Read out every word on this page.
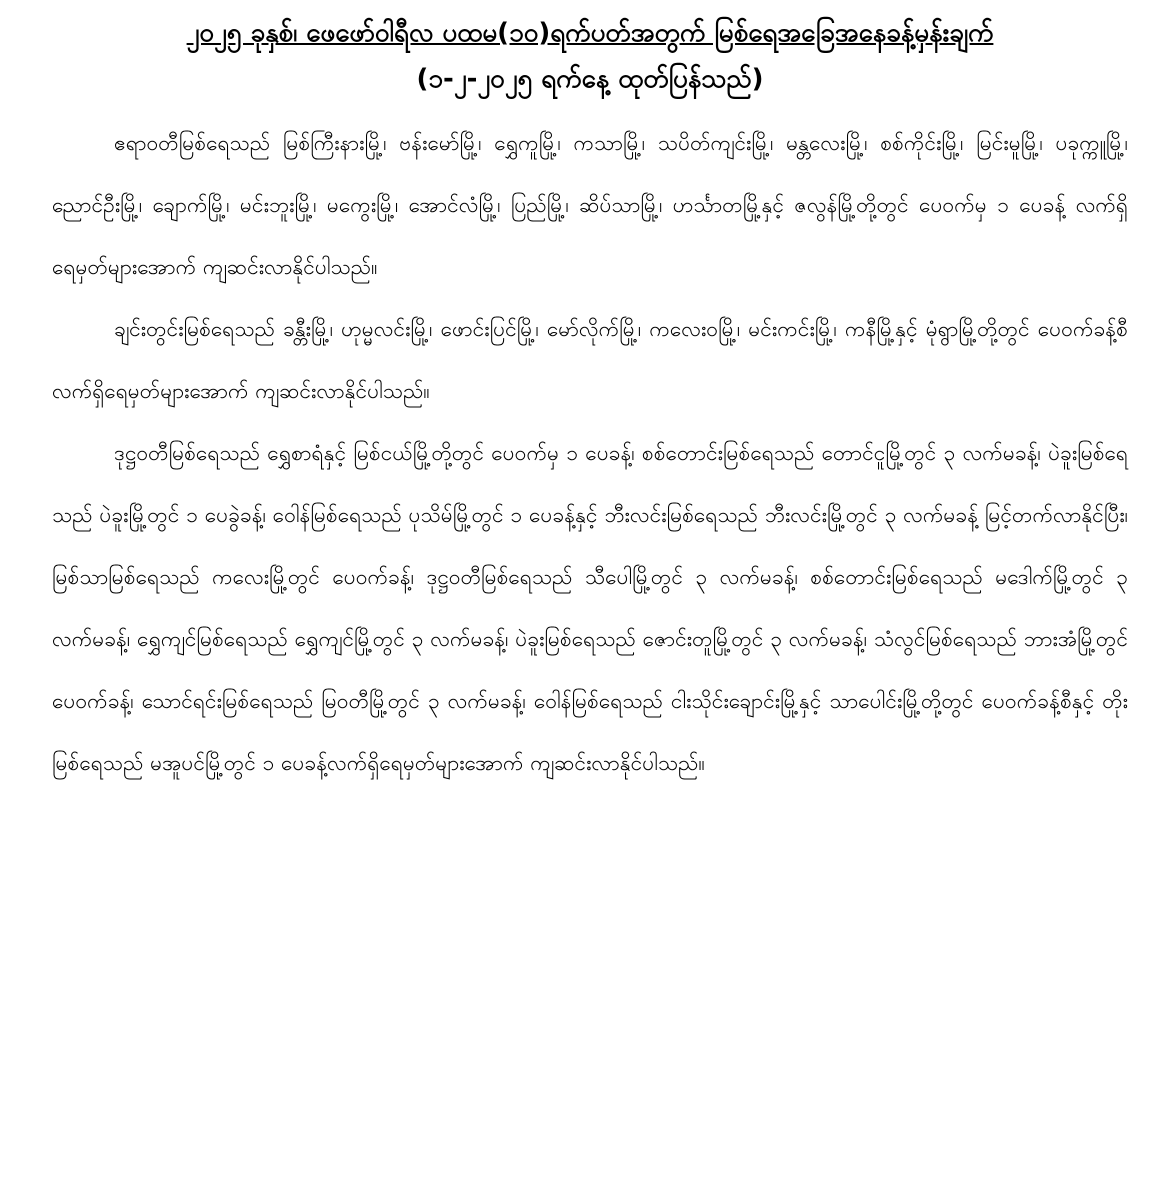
၂၀၂၅ ခုနှစ်၊ ဖေဖော်ဝါရီလ ပထမ(၁၀)ရက်ပတ်အတွက် မြစ်ရေအခြေအနေခန့်မှန်းချက်
(၁-၂-၂၀၂၅ ရက်နေ့ ထုတ်ပြန်သည်)

ဧရာဝတီမြစ်ရေသည် မြစ်ကြီးနားမြို့၊ ဗန်းမော်မြို့၊ ရွှေကူမြို့၊ ကသာမြို့၊ သပိတ်ကျင်းမြို့၊ မန္တလေးမြို့၊ စစ်ကိုင်းမြို့၊ မြင်းမူမြို့၊ ပခုက္ကူမြို့၊ ညောင်ဦးမြို့၊ ချောက်မြို့၊ မင်းဘူးမြို့၊ မကွေးမြို့၊ အောင်လံမြို့၊ ပြည်မြို့၊ ဆိပ်သာမြို့၊ ဟင်္သာတမြို့နှင့် ဇလွန်မြို့တို့တွင် ပေဝက်မှ ၁ ပေခန့် လက်ရှိရေမှတ်များအောက် ကျဆင်းလာနိုင်ပါသည်။

ချင်းတွင်းမြစ်ရေသည် ခန္တီးမြို့၊ ဟုမ္မလင်းမြို့၊ ဖောင်းပြင်မြို့၊ မော်လိုက်မြို့၊ ကလေးဝမြို့၊ မင်းကင်းမြို့၊ ကနီမြို့နှင့် မုံရွာမြို့တို့တွင် ပေဝက်ခန့်စီ လက်ရှိရေမှတ်များအောက် ကျဆင်းလာနိုင်ပါသည်။

ဒုဋ္ဌဝတီမြစ်ရေသည် ရွှေစာရံနှင့် မြစ်ငယ်မြို့တို့တွင် ပေဝက်မှ ၁ ပေခန့်၊ စစ်တောင်းမြစ်ရေသည် တောင်ငူမြို့တွင် ၃ လက်မခန့်၊ ပဲခူးမြစ်ရေသည် ပဲခူးမြို့တွင် ၁ ပေခွဲခန့်၊ ဝေါန်မြစ်ရေသည် ပုသိမ်မြို့တွင် ၁ ပေခန့်နှင့် ဘီးလင်းမြစ်ရေသည် ဘီးလင်းမြို့တွင် ၃ လက်မခန့် မြင့်တက်လာနိုင်ပြီး၊ မြစ်သာမြစ်ရေသည် ကလေးမြို့တွင် ပေဝက်ခန့်၊ ဒုဋ္ဌဝတီမြစ်ရေသည် သီပေါမြို့တွင် ၃ လက်မခန့်၊ စစ်တောင်းမြစ်ရေသည် မဒေါက်မြို့တွင် ၃ လက်မခန့်၊ ရွှေကျင်မြစ်ရေသည် ရွှေကျင်မြို့တွင် ၃ လက်မခန့်၊ ပဲခူးမြစ်ရေသည် ဇောင်းတူမြို့တွင် ၃ လက်မခန့်၊ သံလွင်မြစ်ရေသည် ဘားအံမြို့တွင် ပေဝက်ခန့်၊ သောင်ရင်းမြစ်ရေသည် မြဝတီမြို့တွင် ၃ လက်မခန့်၊ ဝေါန်မြစ်ရေသည် ငါးသိုင်းချောင်းမြို့နှင့် သာပေါင်းမြို့တို့တွင် ပေဝက်ခန့်စီနှင့် တိုးမြစ်ရေသည် မအူပင်မြို့တွင် ၁ ပေခန့်လက်ရှိရေမှတ်များအောက် ကျဆင်းလာနိုင်ပါသည်။
